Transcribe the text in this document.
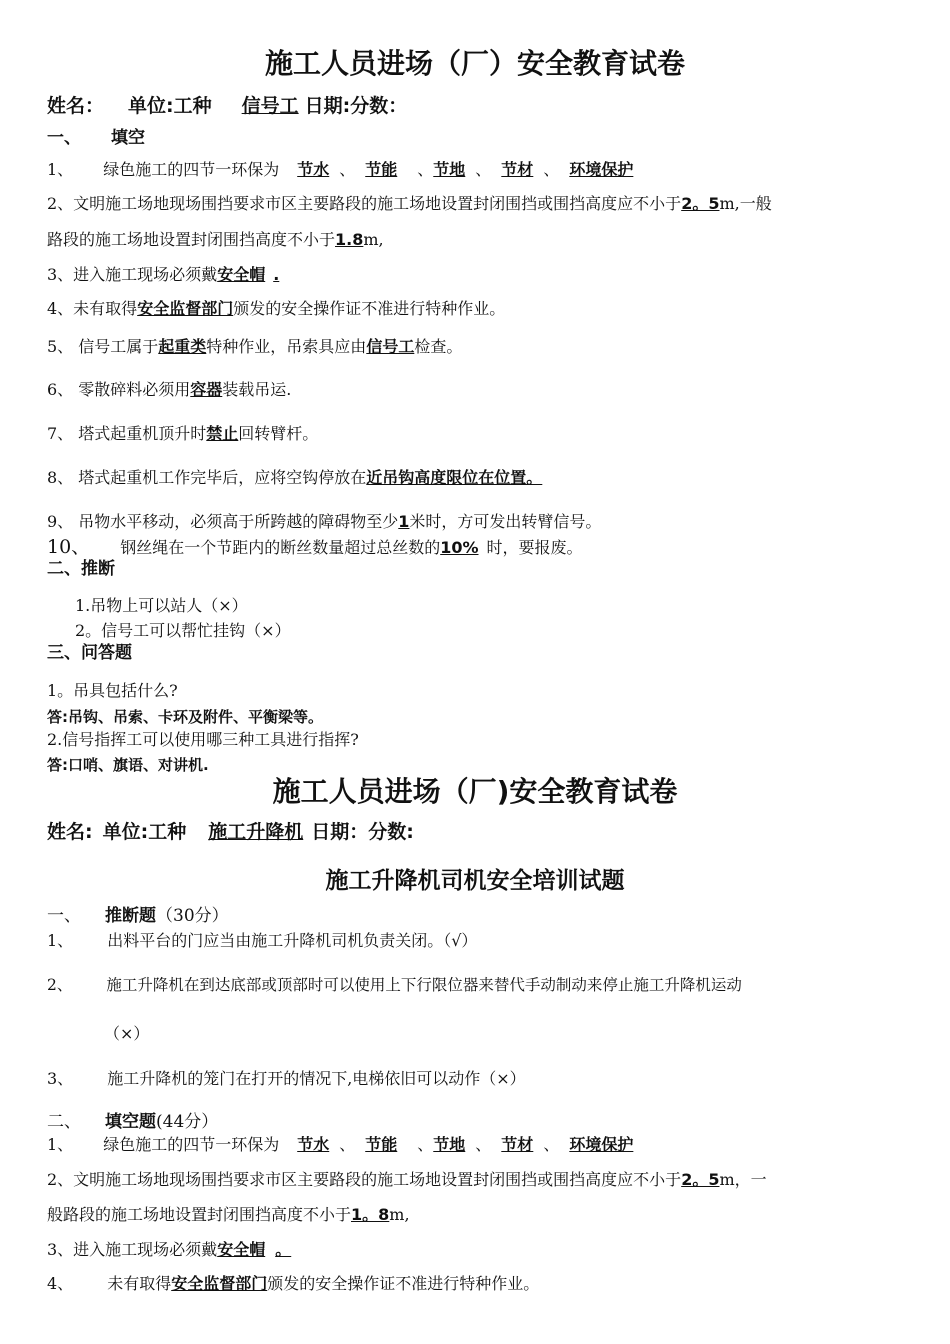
施工人员进场（厂）安全教育试卷
姓名： 单位:工种 信号工 日期:分数：
一、 填空
1、 绿色施工的四节一环保为 节水 、 节能 、节地 、 节材 、 环境保护
2、文明施工场地现场围挡要求市区主要路段的施工场地设置封闭围挡或围挡高度应不小于2。5m,一般
路段的施工场地设置封闭围挡高度不小于1.8m,
3、进入施工现场必须戴安全帽 .
4、未有取得安全监督部门颁发的安全操作证不准进行特种作业。
5、 信号工属于起重类特种作业，吊索具应由信号工检查。
6、 零散碎料必须用容器装载吊运.
7、 塔式起重机顶升时禁止回转臂杆。
8、 塔式起重机工作完毕后，应将空钩停放在近吊钩高度限位在位置。
9、 吊物水平移动，必须高于所跨越的障碍物至少1米时，方可发出转臂信号。
10、 钢丝绳在一个节距内的断丝数量超过总丝数的10% 时，要报废。
二、推断
1.吊物上可以站人（×）
2。信号工可以帮忙挂钩（×）
三、问答题
1。吊具包括什么?
答:吊钩、吊索、卡环及附件、平衡梁等。
2.信号指挥工可以使用哪三种工具进行指挥?
答:口哨、旗语、对讲机.
施工人员进场（厂)安全教育试卷
姓名: 单位:工种 施工升降机 日期：分数:
施工升降机司机安全培训试题
一、 推断题（30分）
1、 出料平台的门应当由施工升降机司机负责关闭。（√）
2、 施工升降机在到达底部或顶部时可以使用上下行限位器来替代手动制动来停止施工升降机运动
（×）
3、 施工升降机的笼门在打开的情况下,电梯依旧可以动作（×）
二、 填空题(44分）
1、 绿色施工的四节一环保为 节水 、 节能 、节地 、 节材 、 环境保护
2、文明施工场地现场围挡要求市区主要路段的施工场地设置封闭围挡或围挡高度应不小于2。5m，一
般路段的施工场地设置封闭围挡高度不小于1。8m,
3、进入施工现场必须戴安全帽 。
4、 未有取得安全监督部门颁发的安全操作证不准进行特种作业。
